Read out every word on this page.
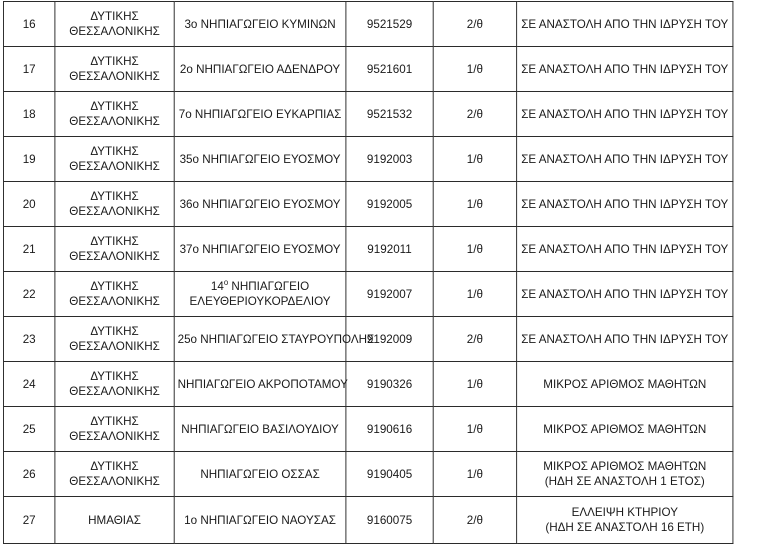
16	ΔΥΤΙΚΗΣ
ΘΕΣΣΑΛΟΝΙΚΗΣ	3ο ΝΗΠΙΑΓΩΓΕΙΟ ΚΥΜΙΝΩΝ	9521529	2/θ	ΣΕ ΑΝΑΣΤΟΛΗ ΑΠΟ ΤΗΝ ΙΔΡΥΣΗ ΤΟΥ

17	ΔΥΤΙΚΗΣ
ΘΕΣΣΑΛΟΝΙΚΗΣ	2ο ΝΗΠΙΑΓΩΓΕΙΟ ΑΔΕΝΔΡΟΥ	9521601	1/θ	ΣΕ ΑΝΑΣΤΟΛΗ ΑΠΟ ΤΗΝ ΙΔΡΥΣΗ ΤΟΥ

18	ΔΥΤΙΚΗΣ
ΘΕΣΣΑΛΟΝΙΚΗΣ	7ο ΝΗΠΙΑΓΩΓΕΙΟ ΕΥΚΑΡΠΙΑΣ	9521532	2/θ	ΣΕ ΑΝΑΣΤΟΛΗ ΑΠΟ ΤΗΝ ΙΔΡΥΣΗ ΤΟΥ

19	ΔΥΤΙΚΗΣ
ΘΕΣΣΑΛΟΝΙΚΗΣ	35ο ΝΗΠΙΑΓΩΓΕΙΟ ΕΥΟΣΜΟΥ	9192003	1/θ	ΣΕ ΑΝΑΣΤΟΛΗ ΑΠΟ ΤΗΝ ΙΔΡΥΣΗ ΤΟΥ

20	ΔΥΤΙΚΗΣ
ΘΕΣΣΑΛΟΝΙΚΗΣ	36ο ΝΗΠΙΑΓΩΓΕΙΟ ΕΥΟΣΜΟΥ	9192005	1/θ	ΣΕ ΑΝΑΣΤΟΛΗ ΑΠΟ ΤΗΝ ΙΔΡΥΣΗ ΤΟΥ

21	ΔΥΤΙΚΗΣ
ΘΕΣΣΑΛΟΝΙΚΗΣ	37ο ΝΗΠΙΑΓΩΓΕΙΟ ΕΥΟΣΜΟΥ	9192011	1/θ	ΣΕ ΑΝΑΣΤΟΛΗ ΑΠΟ ΤΗΝ ΙΔΡΥΣΗ ΤΟΥ

22	ΔΥΤΙΚΗΣ
ΘΕΣΣΑΛΟΝΙΚΗΣ	$14^o$ ΝΗΠΙΑΓΩΓΕΙΟ
ΕΛΕΥΘΕΡΙΟΥΚΟΡΔΕΛΙΟΥ	9192007	1/θ	ΣΕ ΑΝΑΣΤΟΛΗ ΑΠΟ ΤΗΝ ΙΔΡΥΣΗ ΤΟΥ

23	ΔΥΤΙΚΗΣ
ΘΕΣΣΑΛΟΝΙΚΗΣ	25ο ΝΗΠΙΑΓΩΓΕΙΟ ΣΤΑΥΡΟΥΠΟΛΗΣ	9192009	2/θ	ΣΕ ΑΝΑΣΤΟΛΗ ΑΠΟ ΤΗΝ ΙΔΡΥΣΗ ΤΟΥ

24	ΔΥΤΙΚΗΣ
ΘΕΣΣΑΛΟΝΙΚΗΣ	ΝΗΠΙΑΓΩΓΕΙΟ ΑΚΡΟΠΟΤΑΜΟΥ	9190326	1/θ	ΜΙΚΡΟΣ ΑΡΙΘΜΟΣ ΜΑΘΗΤΩΝ

25	ΔΥΤΙΚΗΣ
ΘΕΣΣΑΛΟΝΙΚΗΣ	ΝΗΠΙΑΓΩΓΕΙΟ ΒΑΣΙΛΟΥΔΙΟΥ	9190616	1/θ	ΜΙΚΡΟΣ ΑΡΙΘΜΟΣ ΜΑΘΗΤΩΝ

26	ΔΥΤΙΚΗΣ
ΘΕΣΣΑΛΟΝΙΚΗΣ	ΝΗΠΙΑΓΩΓΕΙΟ ΟΣΣΑΣ	9190405	1/θ	ΜΙΚΡΟΣ ΑΡΙΘΜΟΣ ΜΑΘΗΤΩΝ
(ΗΔΗ ΣΕ ΑΝΑΣΤΟΛΗ 1 ΕΤΟΣ)

27	ΗΜΑΘΙΑΣ	1ο ΝΗΠΙΑΓΩΓΕΙΟ ΝΑΟΥΣΑΣ	9160075	2/θ	ΕΛΛΕΙΨΗ ΚΤΗΡΙΟΥ
(ΗΔΗ ΣΕ ΑΝΑΣΤΟΛΗ 16 ΕΤΗ)
